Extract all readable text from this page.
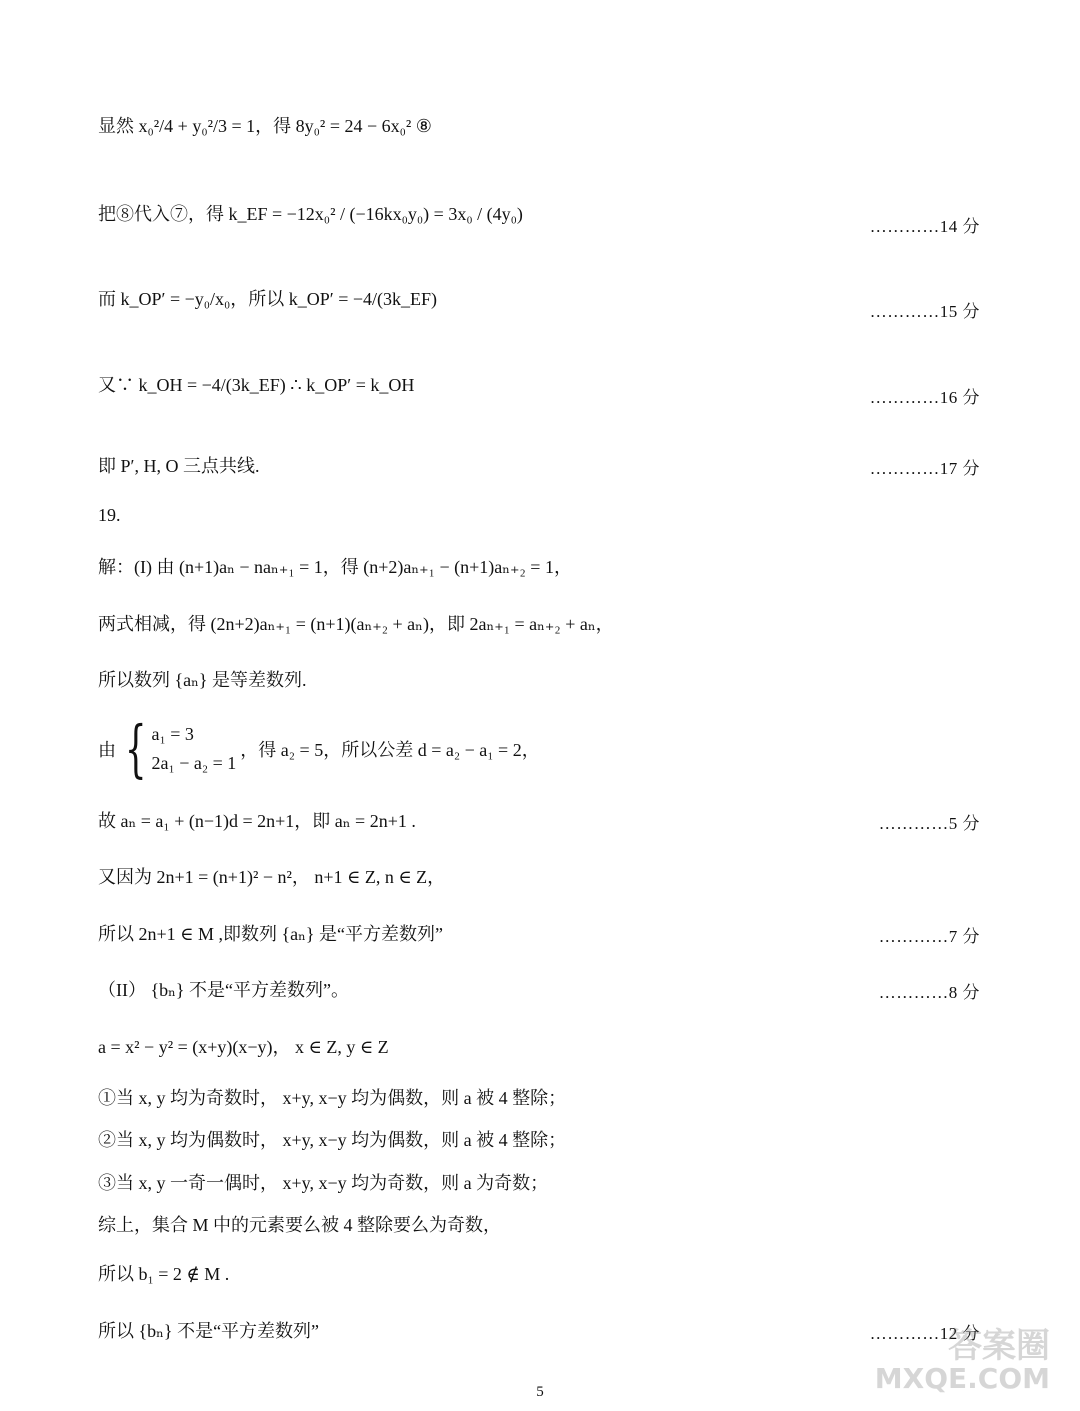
显然 x₀²/4 + y₀²/3 = 1，得 8y₀² = 24 − 6x₀² ⑧
把⑧代入⑦，得 k_EF = −12x₀² / (−16kx₀y₀) = 3x₀ / (4y₀)
…………14 分
而 k_OP′ = −y₀/x₀，所以 k_OP′ = −4/(3k_EF)
…………15 分
又∵ k_OH = −4/(3k_EF) ∴ k_OP′ = k_OH
…………16 分
即 P′, H, O 三点共线.	…………17 分
19.
解：(I) 由 (n+1)aₙ − naₙ₊₁ = 1，得 (n+2)aₙ₊₁ − (n+1)aₙ₊₂ = 1，
两式相减，得 (2n+2)aₙ₊₁ = (n+1)(aₙ₊₂ + aₙ)，即 2aₙ₊₁ = aₙ₊₂ + aₙ，
所以数列 {aₙ} 是等差数列.
由 { a₁ = 3
2a₁ − a₂ = 1
，得 a₂ = 5，所以公差 d = a₂ − a₁ = 2，
故 aₙ = a₁ + (n−1)d = 2n+1，即 aₙ = 2n+1 .	…………5 分
又因为 2n+1 = (n+1)² − n²， n+1 ∈ Z, n ∈ Z，
所以 2n+1 ∈ M ,即数列 {aₙ} 是“平方差数列”	…………7 分
（II） {bₙ} 不是“平方差数列”。	…………8 分
a = x² − y² = (x+y)(x−y)， x ∈ Z, y ∈ Z
①当 x, y 均为奇数时， x+y, x−y 均为偶数，则 a 被 4 整除；
②当 x, y 均为偶数时， x+y, x−y 均为偶数，则 a 被 4 整除；
③当 x, y 一奇一偶时， x+y, x−y 均为奇数，则 a 为奇数；
综上，集合 M 中的元素要么被 4 整除要么为奇数，
所以 b₁ = 2 ∉ M .
所以 {bₙ} 不是“平方差数列”	…………12 分
答案圈
MXQE.COM
5
